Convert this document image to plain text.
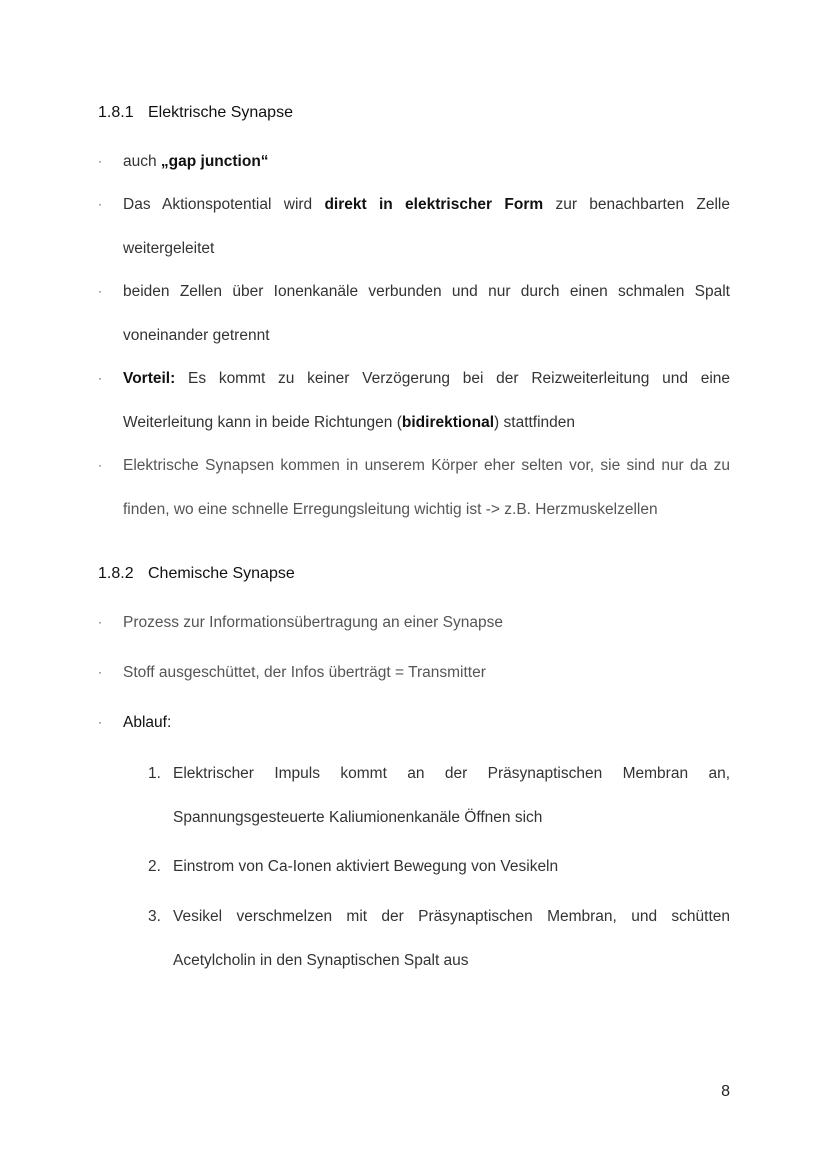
1.8.1 Elektrische Synapse
·	auch „gap junction“
·	Das Aktionspotential wird direkt in elektrischer Form zur benachbarten Zelle weitergeleitet
·	beiden Zellen über Ionenkanäle verbunden und nur durch einen schmalen Spalt voneinander getrennt
·	Vorteil: Es kommt zu keiner Verzögerung bei der Reizweiterleitung und eine Weiterleitung kann in beide Richtungen (bidirektional) stattfinden
·	Elektrische Synapsen kommen in unserem Körper eher selten vor, sie sind nur da zu finden, wo eine schnelle Erregungsleitung wichtig ist -> z.B. Herzmuskelzellen
1.8.2 Chemische Synapse
·	Prozess zur Informationsübertragung an einer Synapse
·	Stoff ausgeschüttet, der Infos überträgt = Transmitter
·	Ablauf:
1. Elektrischer Impuls kommt an der Präsynaptischen Membran an, Spannungsgesteuerte Kaliumionenkanäle Öffnen sich
2. Einstrom von Ca-Ionen aktiviert Bewegung von Vesikeln
3. Vesikel verschmelzen mit der Präsynaptischen Membran, und schütten Acetylcholin in den Synaptischen Spalt aus
8
